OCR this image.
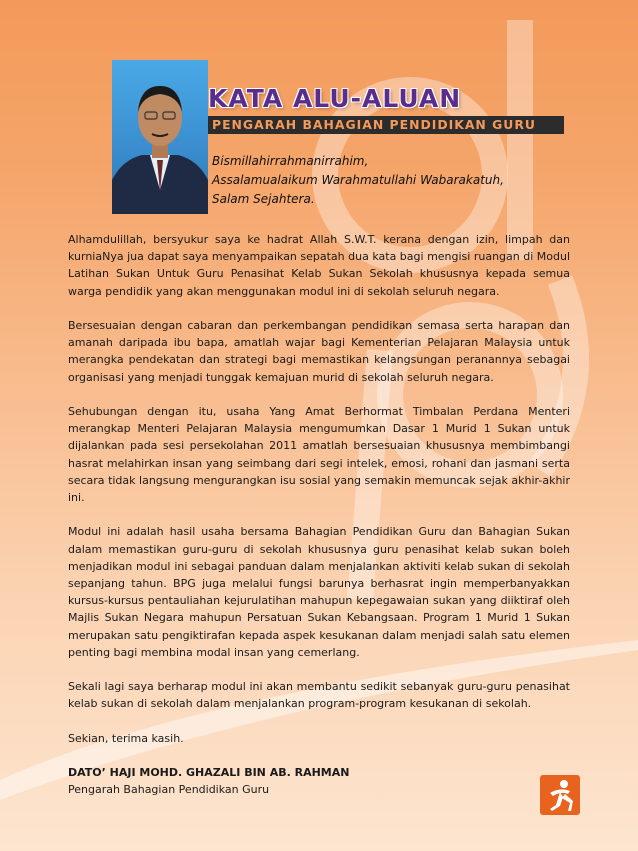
KATA ALU-ALUAN
PENGARAH BAHAGIAN PENDIDIKAN GURU
Bismillahirrahmanirrahim,
Assalamualaikum Warahmatullahi Wabarakatuh,
Salam Sejahtera.

Alhamdulillah, bersyukur saya ke hadrat Allah S.W.T. kerana dengan izin, limpah dan kurniaNya jua dapat saya menyampaikan sepatah dua kata bagi mengisi ruangan di Modul Latihan Sukan Untuk Guru Penasihat Kelab Sukan Sekolah khususnya kepada semua warga pendidik yang akan menggunakan modul ini di sekolah seluruh negara.

Bersesuaian dengan cabaran dan perkembangan pendidikan semasa serta harapan dan amanah daripada ibu bapa, amatlah wajar bagi Kementerian Pelajaran Malaysia untuk merangka pendekatan dan strategi bagi memastikan kelangsungan peranannya sebagai organisasi yang menjadi tunggak kemajuan murid di sekolah seluruh negara.

Sehubungan dengan itu, usaha Yang Amat Berhormat Timbalan Perdana Menteri merangkap Menteri Pelajaran Malaysia mengumumkan Dasar 1 Murid 1 Sukan untuk dijalankan pada sesi persekolahan 2011 amatlah bersesuaian khususnya membimbangi hasrat melahirkan insan yang seimbang dari segi intelek, emosi, rohani dan jasmani serta secara tidak langsung mengurangkan isu sosial yang semakin memuncak sejak akhir-akhir ini.

Modul ini adalah hasil usaha bersama Bahagian Pendidikan Guru dan Bahagian Sukan dalam memastikan guru-guru di sekolah khususnya guru penasihat kelab sukan boleh menjadikan modul ini sebagai panduan dalam menjalankan aktiviti kelab sukan di sekolah sepanjang tahun. BPG juga melalui fungsi barunya berhasrat ingin memperbanyakkan kursus-kursus pentauliahan kejurulatihan mahupun kepegawaian sukan yang diiktiraf oleh Majlis Sukan Negara mahupun Persatuan Sukan Kebangsaan. Program 1 Murid 1 Sukan merupakan satu pengiktirafan kepada aspek kesukanan dalam menjadi salah satu elemen penting bagi membina modal insan yang cemerlang.

Sekali lagi saya berharap modul ini akan membantu sedikit sebanyak guru-guru penasihat kelab sukan di sekolah dalam menjalankan program-program kesukanan di sekolah.

Sekian, terima kasih.

DATO’ HAJI MOHD. GHAZALI BIN AB. RAHMAN
Pengarah Bahagian Pendidikan Guru
